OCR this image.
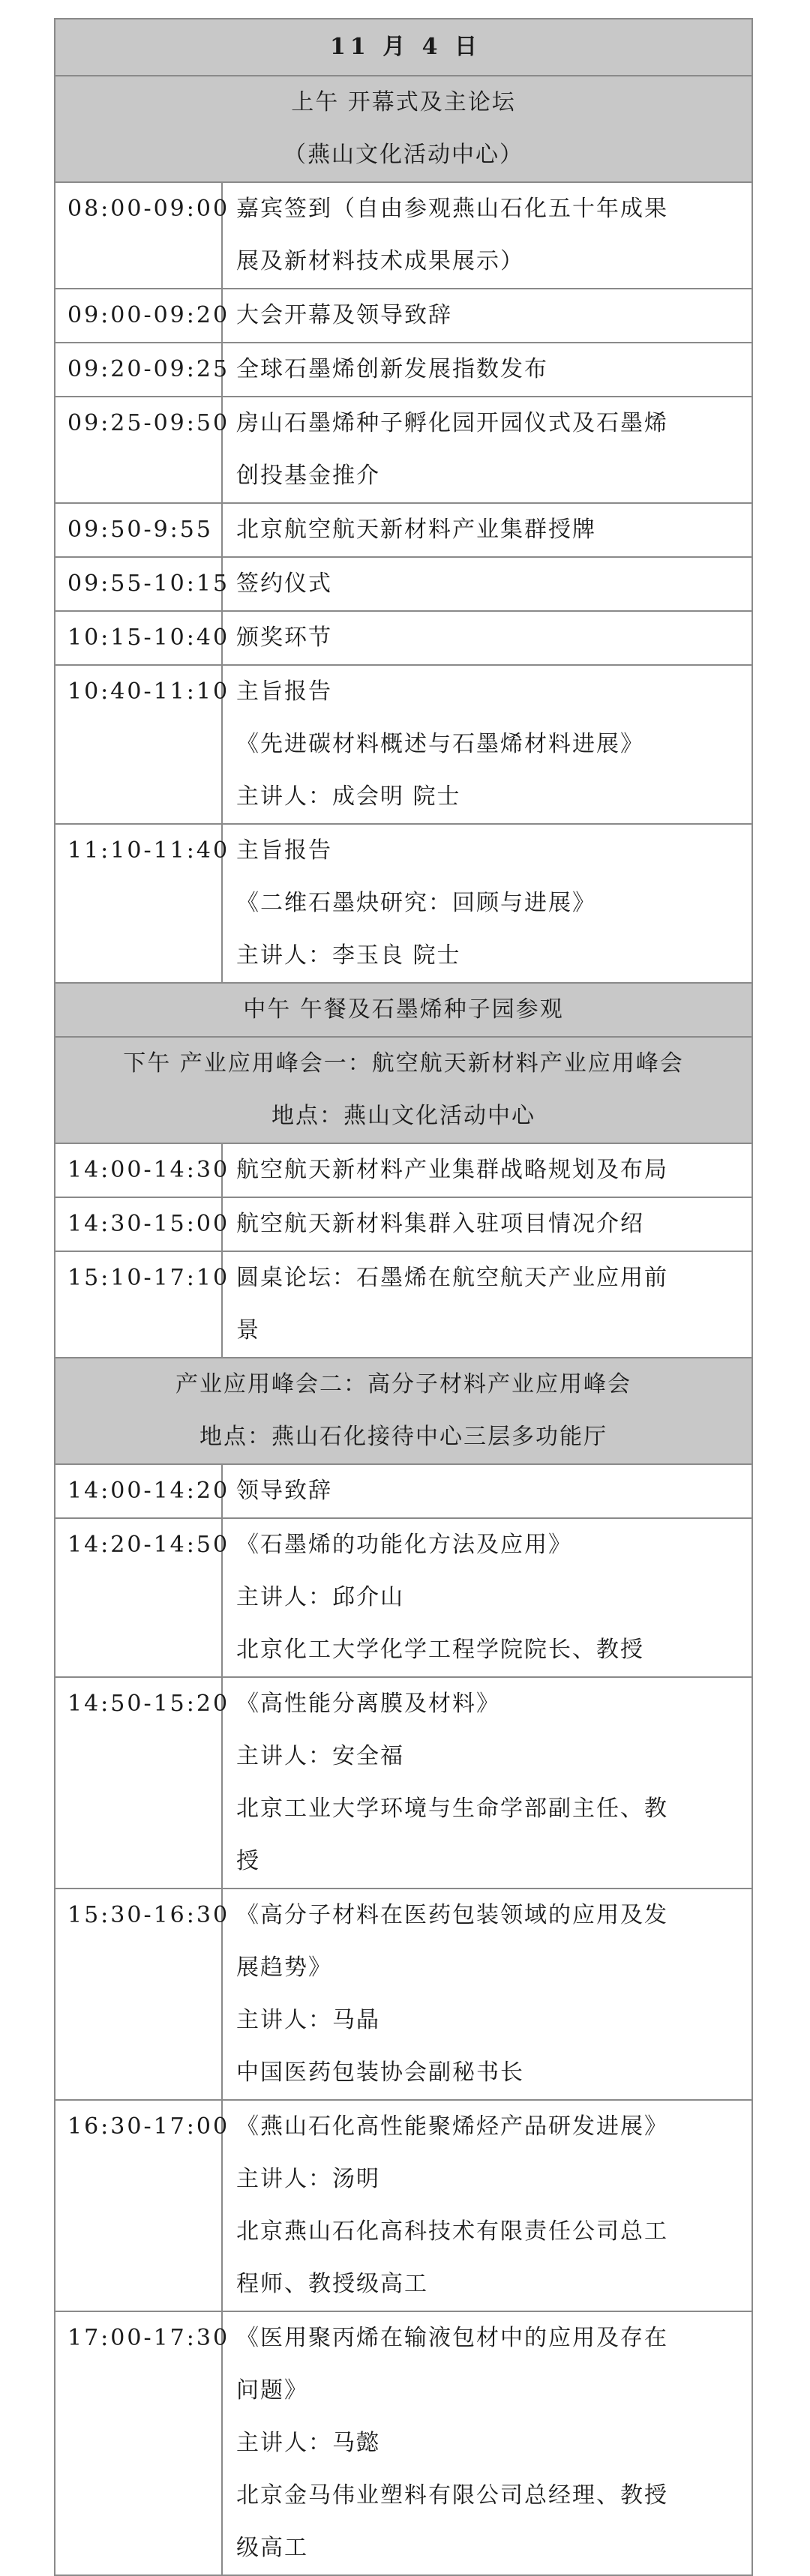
11 月 4 日	

上午 开幕式及主论坛
（燕山文化活动中心）	

08:00-09:00	嘉宾签到（自由参观燕山石化五十年成果
展及新材料技术成果展示）

09:00-09:20	大会开幕及领导致辞

09:20-09:25	全球石墨烯创新发展指数发布

09:25-09:50	房山石墨烯种子孵化园开园仪式及石墨烯
创投基金推介

09:50-9:55	北京航空航天新材料产业集群授牌

09:55-10:15	签约仪式

10:15-10:40	颁奖环节

10:40-11:10	主旨报告
《先进碳材料概述与石墨烯材料进展》
主讲人：成会明 院士

11:10-11:40	主旨报告
《二维石墨炔研究：回顾与进展》
主讲人：李玉良 院士

中午 午餐及石墨烯种子园参观	

下午 产业应用峰会一：航空航天新材料产业应用峰会
地点：燕山文化活动中心	

14:00-14:30	航空航天新材料产业集群战略规划及布局

14:30-15:00	航空航天新材料集群入驻项目情况介绍

15:10-17:10	圆桌论坛：石墨烯在航空航天产业应用前
景

产业应用峰会二：高分子材料产业应用峰会
地点：燕山石化接待中心三层多功能厅	

14:00-14:20	领导致辞

14:20-14:50	《石墨烯的功能化方法及应用》
主讲人：邱介山
北京化工大学化学工程学院院长、教授

14:50-15:20	《高性能分离膜及材料》
主讲人：安全福
北京工业大学环境与生命学部副主任、教
授

15:30-16:30	《高分子材料在医药包装领域的应用及发
展趋势》
主讲人：马晶
中国医药包装协会副秘书长

16:30-17:00	《燕山石化高性能聚烯烃产品研发进展》
主讲人：汤明
北京燕山石化高科技术有限责任公司总工
程师、教授级高工

17:00-17:30	《医用聚丙烯在输液包材中的应用及存在
问题》
主讲人：马懿
北京金马伟业塑料有限公司总经理、教授
级高工
